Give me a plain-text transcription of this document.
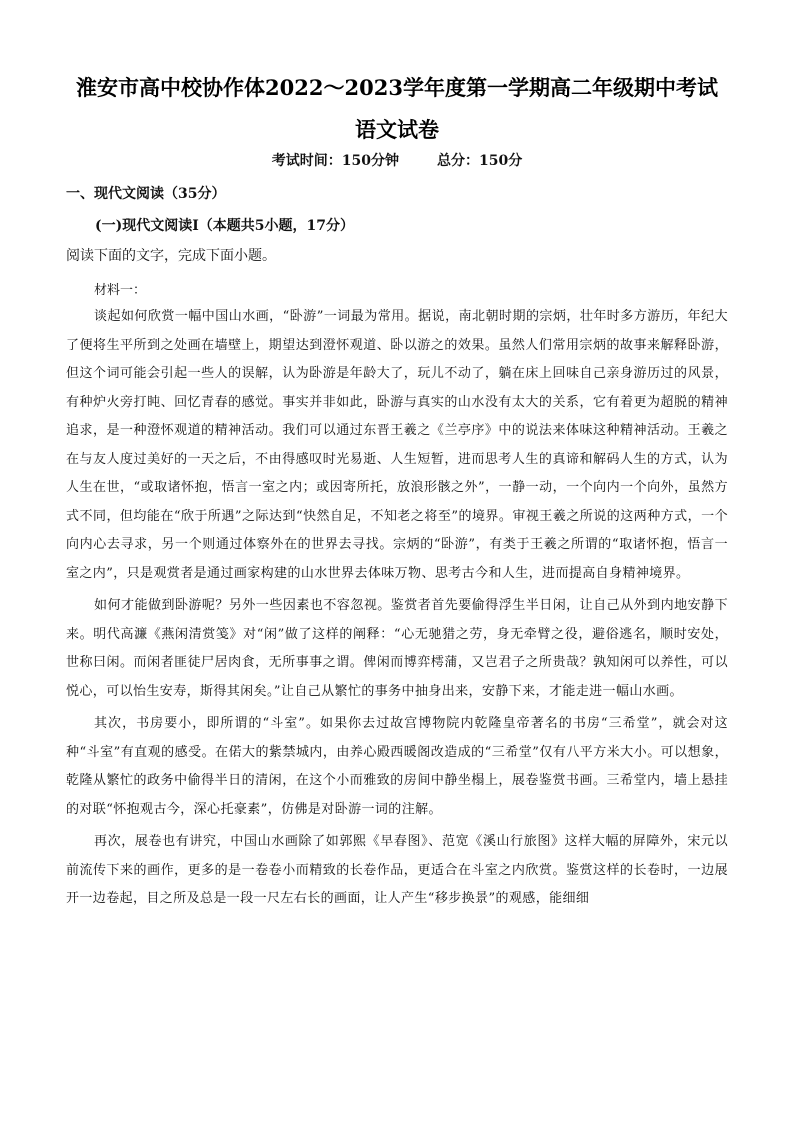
淮安市高中校协作体2022～2023学年度第一学期高二年级期中考试
语文试卷
考试时间：150分钟	总分：150分
一、现代文阅读（35分）
(一)现代文阅读Ⅰ（本题共5小题，17分）
阅读下面的文字，完成下面小题。
材料一：

谈起如何欣赏一幅中国山水画，“卧游”一词最为常用。据说，南北朝时期的宗炳，壮年时多方游历，年纪大了便将生平所到之处画在墙壁上，期望达到澄怀观道、卧以游之的效果。虽然人们常用宗炳的故事来解释卧游，但这个词可能会引起一些人的误解，认为卧游是年龄大了，玩儿不动了，躺在床上回味自己亲身游历过的风景，有种炉火旁打盹、回忆青春的感觉。事实并非如此，卧游与真实的山水没有太大的关系，它有着更为超脱的精神追求，是一种澄怀观道的精神活动。我们可以通过东晋王羲之《兰亭序》中的说法来体味这种精神活动。王羲之在与友人度过美好的一天之后，不由得感叹时光易逝、人生短暂，进而思考人生的真谛和解码人生的方式，认为人生在世，“或取诸怀抱，悟言一室之内；或因寄所托，放浪形骸之外”，一静一动，一个向内一个向外，虽然方式不同，但均能在“欣于所遇”之际达到“快然自足，不知老之将至”的境界。审视王羲之所说的这两种方式，一个向内心去寻求，另一个则通过体察外在的世界去寻找。宗炳的“卧游”，有类于王羲之所谓的“取诸怀抱，悟言一室之内”，只是观赏者是通过画家构建的山水世界去体味万物、思考古今和人生，进而提高自身精神境界。

如何才能做到卧游呢？另外一些因素也不容忽视。鉴赏者首先要偷得浮生半日闲，让自己从外到内地安静下来。明代高濂《燕闲清赏笺》对“闲”做了这样的阐释：“心无驰猎之劳，身无牵臂之役，避俗逃名，顺时安处，世称曰闲。而闲者匪徒尸居肉食，无所事事之谓。俾闲而博弈樗蒲，又岂君子之所贵哉？孰知闲可以养性，可以悦心，可以怡生安寿，斯得其闲矣。”让自己从繁忙的事务中抽身出来，安静下来，才能走进一幅山水画。

其次，书房要小，即所谓的“斗室”。如果你去过故宫博物院内乾隆皇帝著名的书房“三希堂”，就会对这种“斗室”有直观的感受。在偌大的紫禁城内，由养心殿西暖阁改造成的“三希堂”仅有八平方米大小。可以想象，乾隆从繁忙的政务中偷得半日的清闲，在这个小而雅致的房间中静坐榻上，展卷鉴赏书画。三希堂内，墙上悬挂的对联“怀抱观古今，深心托豪素”，仿佛是对卧游一词的注解。

再次，展卷也有讲究，中国山水画除了如郭熙《早春图》、范宽《溪山行旅图》这样大幅的屏障外，宋元以前流传下来的画作，更多的是一卷卷小而精致的长卷作品，更适合在斗室之内欣赏。鉴赏这样的长卷时，一边展开一边卷起，目之所及总是一段一尺左右长的画面，让人产生“移步换景”的观感，能细细
